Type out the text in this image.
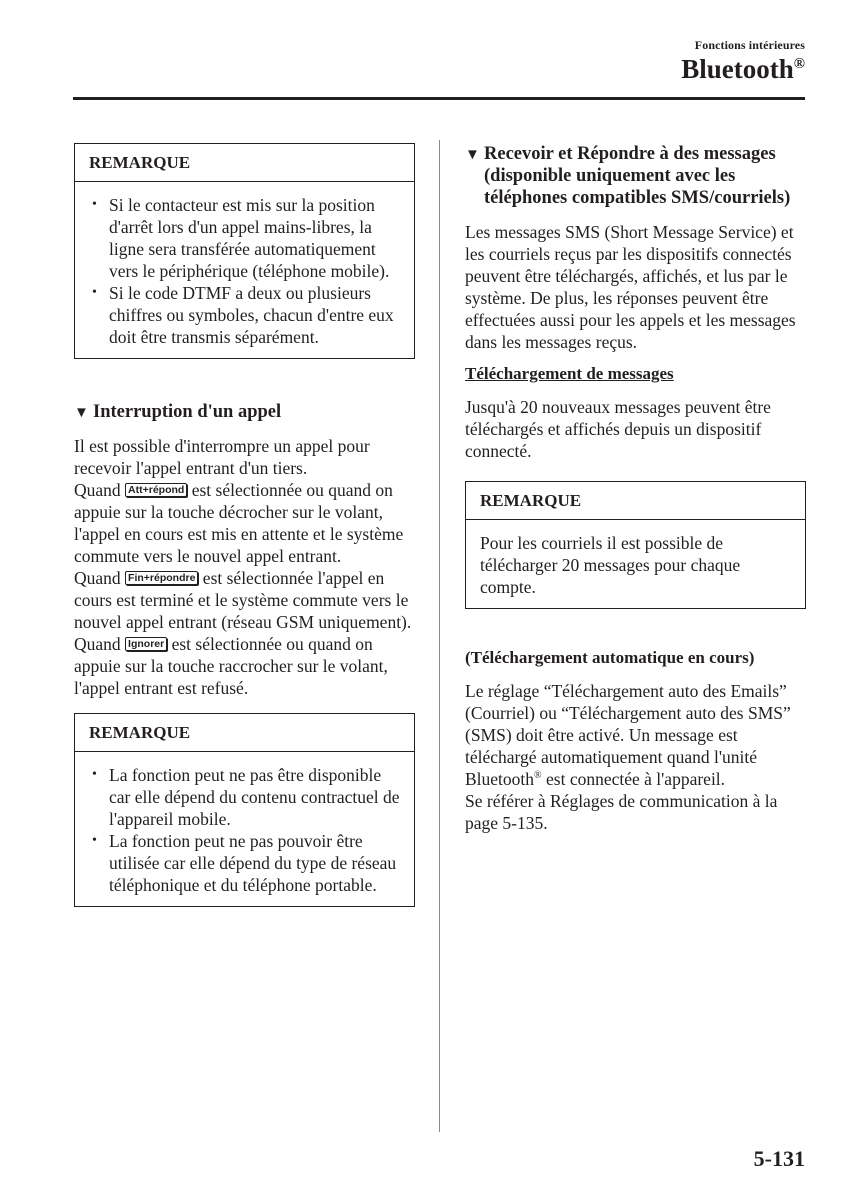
Fonctions intérieures
Bluetooth®
REMARQUE
• Si le contacteur est mis sur la position d'arrêt lors d'un appel mains-libres, la ligne sera transférée automatiquement vers le périphérique (téléphone mobile).
• Si le code DTMF a deux ou plusieurs chiffres ou symboles, chacun d'entre eux doit être transmis séparément.
▼ Interruption d'un appel

Il est possible d'interrompre un appel pour recevoir l'appel entrant d'un tiers.

Quand Att+répond est sélectionnée ou quand on appuie sur la touche décrocher sur le volant, l'appel en cours est mis en attente et le système commute vers le nouvel appel entrant.

Quand Fin+répondre est sélectionnée l'appel en cours est terminé et le système commute vers le nouvel appel entrant (réseau GSM uniquement).

Quand Ignorer est sélectionnée ou quand on appuie sur la touche raccrocher sur le volant, l'appel entrant est refusé.

REMARQUE
• La fonction peut ne pas être disponible car elle dépend du contenu contractuel de l'appareil mobile.
• La fonction peut ne pas pouvoir être utilisée car elle dépend du type de réseau téléphonique et du téléphone portable.
▼ Recevoir et Répondre à des messages (disponible uniquement avec les téléphones compatibles SMS/courriels)

Les messages SMS (Short Message Service) et les courriels reçus par les dispositifs connectés peuvent être téléchargés, affichés, et lus par le système. De plus, les réponses peuvent être effectuées aussi pour les appels et les messages dans les messages reçus.

Téléchargement de messages

Jusqu'à 20 nouveaux messages peuvent être téléchargés et affichés depuis un dispositif connecté.

REMARQUE

Pour les courriels il est possible de télécharger 20 messages pour chaque compte.

(Téléchargement automatique en cours)

Le réglage “Téléchargement auto des Emails” (Courriel) ou “Téléchargement auto des SMS” (SMS) doit être activé. Un message est téléchargé automatiquement quand l'unité Bluetooth® est connectée à l'appareil.

Se référer à Réglages de communication à la page 5-135.

5-131
